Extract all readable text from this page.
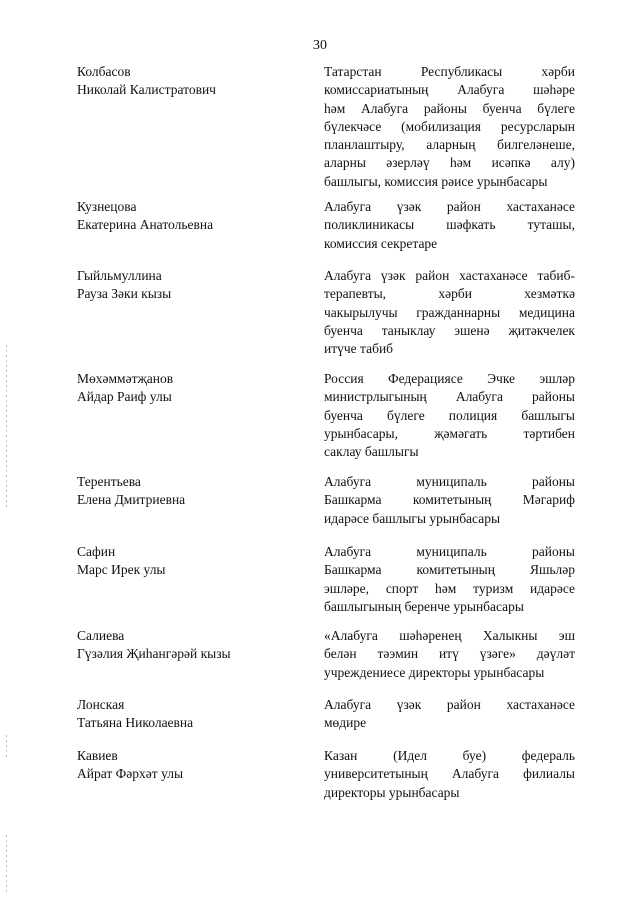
30
Колбасов
Николай Калистратович
Татарстан Республикасы хәрби
комиссариатының Алабуга шәһәре
һәм Алабуга районы буенча бүлеге
бүлекчәсе (мобилизация ресурсларын
планлаштыру, аларның билгеләнеше,
аларны әзерләү һәм исәпкә алу)
башлыгы, комиссия рәисе урынбасары
Кузнецова
Екатерина Анатольевна
Алабуга үзәк район хастаханәсе
поликлиникасы шәфкать туташы,
комиссия секретаре
Гыйльмуллина
Рауза Зәки кызы
Алабуга үзәк район хастаханәсе табиб-
терапевты, хәрби хезмәткә
чакырылучы гражданнарны медицина
буенча таныклау эшенә җитәкчелек
итүче табиб
Мөхәммәтҗанов
Айдар Раиф улы
Россия Федерациясе Эчке эшләр
министрлыгының Алабуга районы
буенча бүлеге полиция башлыгы
урынбасары, җәмәгать тәртибен
саклау башлыгы
Терентьева
Елена Дмитриевна
Алабуга муниципаль районы
Башкарма комитетының Мәгариф
идарәсе башлыгы урынбасары
Сафин
Марс Ирек улы
Алабуга муниципаль районы
Башкарма комитетының Яшьләр
эшләре, спорт һәм туризм идарәсе
башлыгының беренче урынбасары
Салиева
Гүзәлия Җиһангәрәй кызы
«Алабуга шәһәренең Халыкны эш
белән тәэмин итү үзәге» дәүләт
учреждениесе директоры урынбасары
Лонская
Татьяна Николаевна
Алабуга үзәк район хастаханәсе
мөдире
Кавиев
Айрат Фәрхәт улы
Казан (Идел буе) федераль
университетының Алабуга филиалы
директоры урынбасары
